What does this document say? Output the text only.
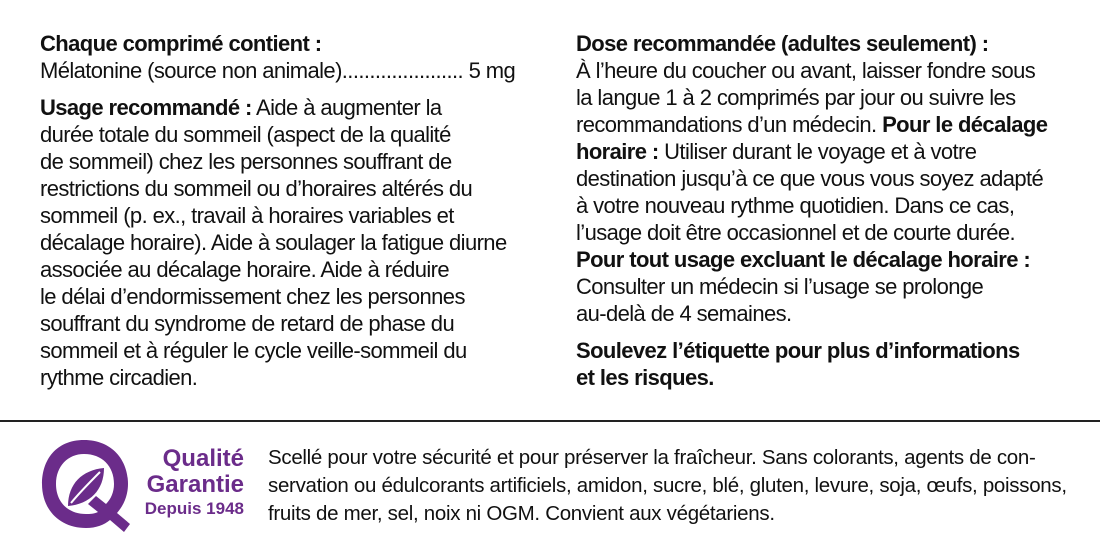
Chaque comprimé contient :

Mélatonine (source non animale)...................... 5 mg

Usage recommandé : Aide à augmenter la
durée totale du sommeil (aspect de la qualité
de sommeil) chez les personnes souffrant de
restrictions du sommeil ou d’horaires altérés du
sommeil (p. ex., travail à horaires variables et
décalage horaire). Aide à soulager la fatigue diurne
associée au décalage horaire. Aide à réduire
le délai d’endormissement chez les personnes
souffrant du syndrome de retard de phase du
sommeil et à réguler le cycle veille-sommeil du
rythme circadien.

Dose recommandée (adultes seulement) :

À l’heure du coucher ou avant, laisser fondre sous
la langue 1 à 2 comprimés par jour ou suivre les
recommandations d’un médecin. Pour le décalage
horaire : Utiliser durant le voyage et à votre
destination jusqu’à ce que vous vous soyez adapté
à votre nouveau rythme quotidien. Dans ce cas,
l’usage doit être occasionnel et de courte durée.

Pour tout usage excluant le décalage horaire :

Consulter un médecin si l’usage se prolonge
au-delà de 4 semaines.

Soulevez l’étiquette pour plus d’informations
et les risques.

Qualité
Garantie
Depuis 1948
Scellé pour votre sécurité et pour préserver la fraîcheur. Sans colorants, agents de con-
servation ou édulcorants artificiels, amidon, sucre, blé, gluten, levure, soja, œufs, poissons,
fruits de mer, sel, noix ni OGM. Convient aux végétariens.
